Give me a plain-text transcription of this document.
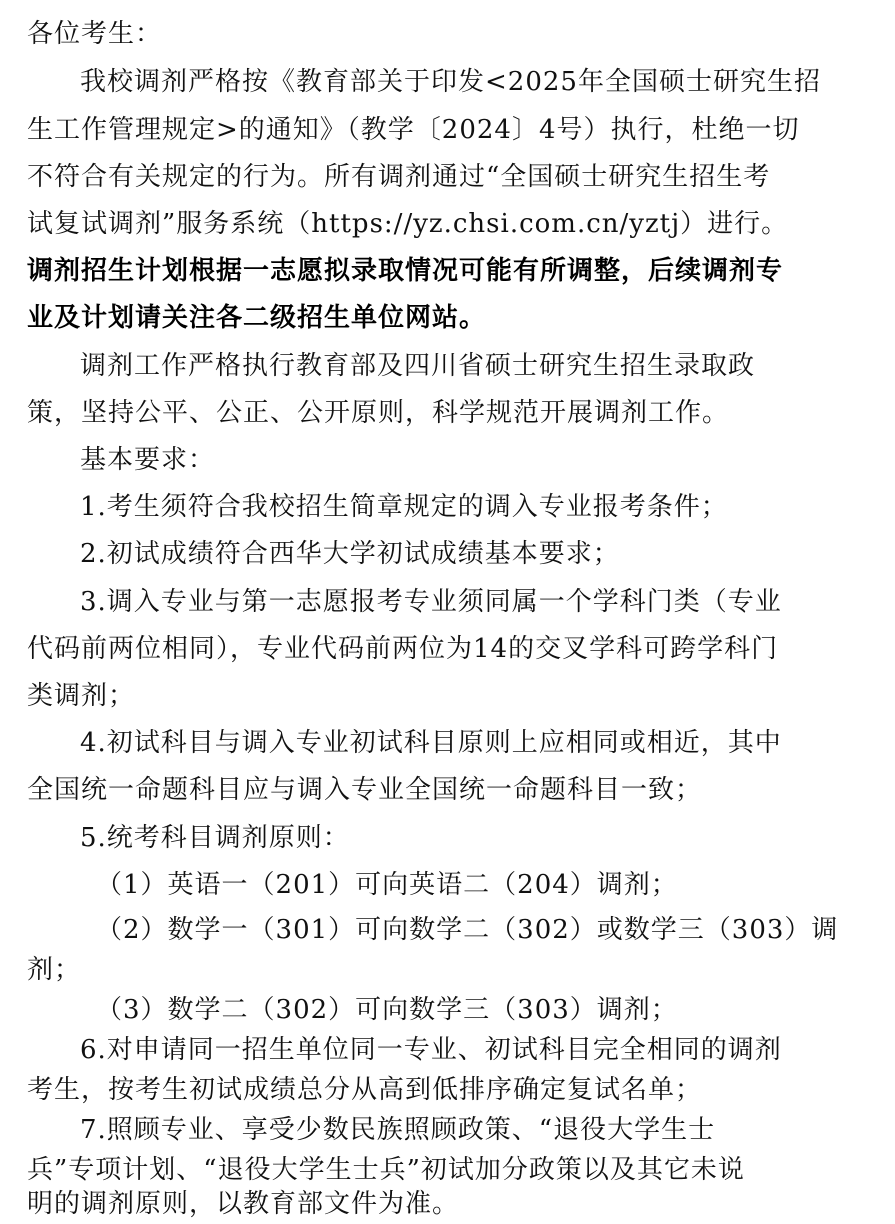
各位考生：
我校调剂严格按《教育部关于印发<2025年全国硕士研究生招
生工作管理规定>的通知》（教学〔2024〕4号）执行，杜绝一切
不符合有关规定的行为。所有调剂通过“全国硕士研究生招生考
试复试调剂”服务系统（https://yz.chsi.com.cn/yztj）进行。
调剂招生计划根据一志愿拟录取情况可能有所调整，后续调剂专
业及计划请关注各二级招生单位网站。
调剂工作严格执行教育部及四川省硕士研究生招生录取政
策，坚持公平、公正、公开原则，科学规范开展调剂工作。
基本要求：
1.考生须符合我校招生简章规定的调入专业报考条件；
2.初试成绩符合西华大学初试成绩基本要求；
3.调入专业与第一志愿报考专业须同属一个学科门类（专业
代码前两位相同），专业代码前两位为14的交叉学科可跨学科门
类调剂；
4.初试科目与调入专业初试科目原则上应相同或相近，其中
全国统一命题科目应与调入专业全国统一命题科目一致；
5.统考科目调剂原则：
（1）英语一（201）可向英语二（204）调剂；
（2）数学一（301）可向数学二（302）或数学三（303）调
剂；
（3）数学二（302）可向数学三（303）调剂；
6.对申请同一招生单位同一专业、初试科目完全相同的调剂
考生，按考生初试成绩总分从高到低排序确定复试名单；
7.照顾专业、享受少数民族照顾政策、“退役大学生士
兵”专项计划、“退役大学生士兵”初试加分政策以及其它未说
明的调剂原则，以教育部文件为准。
